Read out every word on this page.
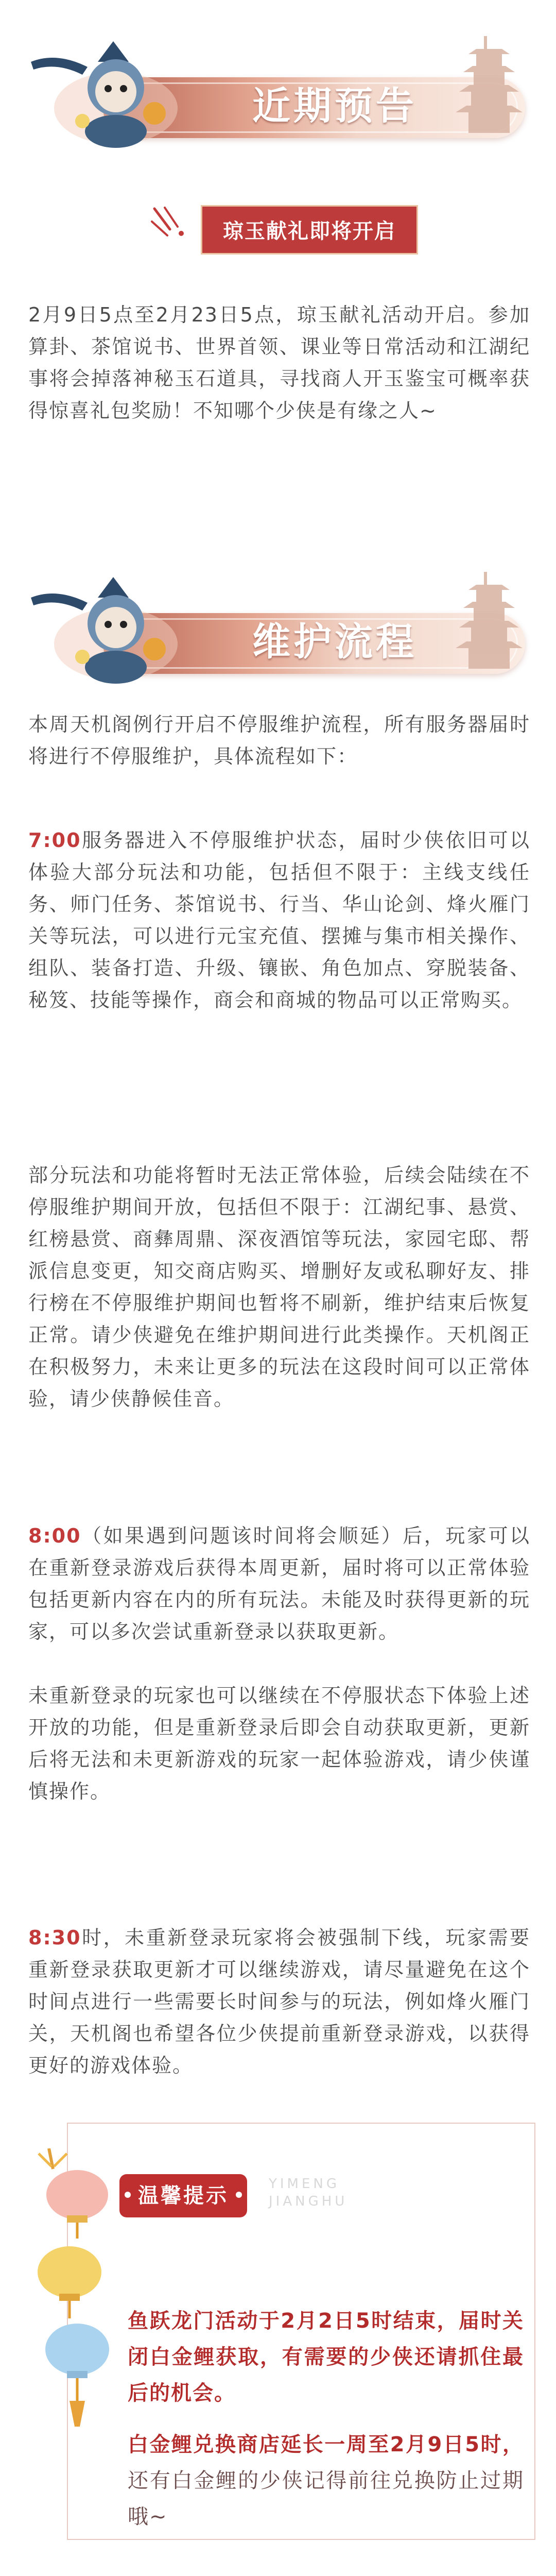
近期预告
琼玉献礼即将开启
2月9日5点至2月23日5点，琼玉献礼活动开启。参加算卦、茶馆说书、世界首领、课业等日常活动和江湖纪事将会掉落神秘玉石道具，寻找商人开玉鉴宝可概率获得惊喜礼包奖励！不知哪个少侠是有缘之人~
维护流程
本周天机阁例行开启不停服维护流程，所有服务器届时将进行不停服维护，具体流程如下：
7:00服务器进入不停服维护状态，届时少侠依旧可以体验大部分玩法和功能，包括但不限于：主线支线任务、师门任务、茶馆说书、行当、华山论剑、烽火雁门关等玩法，可以进行元宝充值、摆摊与集市相关操作、组队、装备打造、升级、镶嵌、角色加点、穿脱装备、秘笈、技能等操作，商会和商城的物品可以正常购买。
部分玩法和功能将暂时无法正常体验，后续会陆续在不停服维护期间开放，包括但不限于：江湖纪事、悬赏、红榜悬赏、商彝周鼎、深夜酒馆等玩法，家园宅邸、帮派信息变更，知交商店购买、增删好友或私聊好友、排行榜在不停服维护期间也暂将不刷新，维护结束后恢复正常。请少侠避免在维护期间进行此类操作。天机阁正在积极努力，未来让更多的玩法在这段时间可以正常体验，请少侠静候佳音。
8:00（如果遇到问题该时间将会顺延）后，玩家可以在重新登录游戏后获得本周更新，届时将可以正常体验包括更新内容在内的所有玩法。未能及时获得更新的玩家，可以多次尝试重新登录以获取更新。
未重新登录的玩家也可以继续在不停服状态下体验上述开放的功能，但是重新登录后即会自动获取更新，更新后将无法和未更新游戏的玩家一起体验游戏，请少侠谨慎操作。
8:30时，未重新登录玩家将会被强制下线，玩家需要重新登录获取更新才可以继续游戏，请尽量避免在这个时间点进行一些需要长时间参与的玩法，例如烽火雁门关，天机阁也希望各位少侠提前重新登录游戏，以获得更好的游戏体验。
温馨提示	YIMENG
JIANGHU
鱼跃龙门活动于2月2日5时结束，届时关闭白金鲤获取，有需要的少侠还请抓住最后的机会。
白金鲤兑换商店延长一周至2月9日5时，还有白金鲤的少侠记得前往兑换防止过期哦~
